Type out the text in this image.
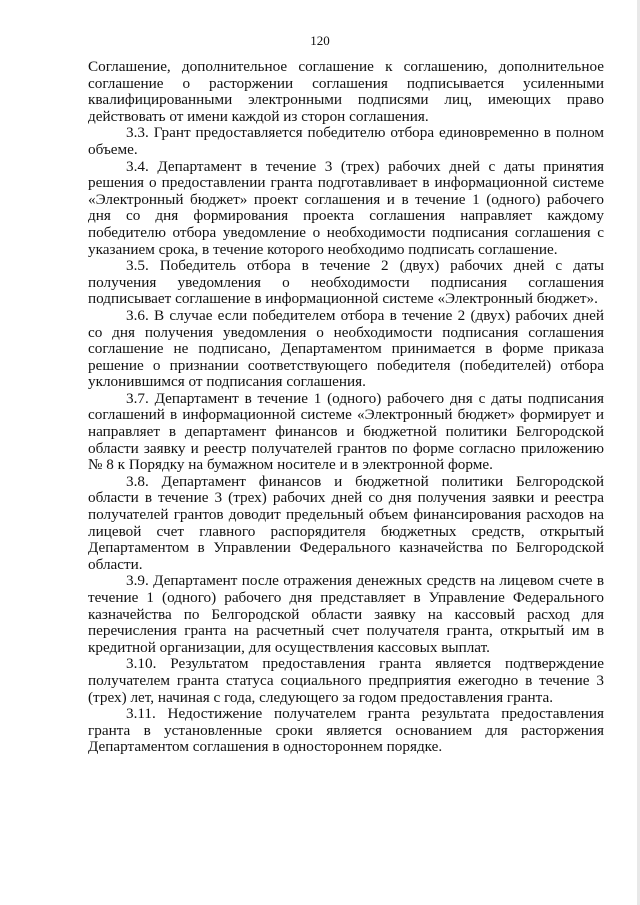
120

Соглашение, дополнительное соглашение к соглашению, дополнительное соглашение о расторжении соглашения подписывается усиленными квалифицированными электронными подписями лиц, имеющих право действовать от имени каждой из сторон соглашения.

3.3. Грант предоставляется победителю отбора единовременно в полном объеме.

3.4. Департамент в течение 3 (трех) рабочих дней с даты принятия решения о предоставлении гранта подготавливает в информационной системе «Электронный бюджет» проект соглашения и в течение 1 (одного) рабочего дня со дня формирования проекта соглашения направляет каждому победителю отбора уведомление о необходимости подписания соглашения с указанием срока, в течение которого необходимо подписать соглашение.

3.5. Победитель отбора в течение 2 (двух) рабочих дней с даты получения уведомления о необходимости подписания соглашения подписывает соглашение в информационной системе «Электронный бюджет».

3.6. В случае если победителем отбора в течение 2 (двух) рабочих дней со дня получения уведомления о необходимости подписания соглашения соглашение не подписано, Департаментом принимается в форме приказа решение о признании соответствующего победителя (победителей) отбора уклонившимся от подписания соглашения.

3.7. Департамент в течение 1 (одного) рабочего дня с даты подписания соглашений в информационной системе «Электронный бюджет» формирует и направляет в департамент финансов и бюджетной политики Белгородской области заявку и реестр получателей грантов по форме согласно приложению № 8 к Порядку на бумажном носителе и в электронной форме.

3.8. Департамент финансов и бюджетной политики Белгородской области в течение 3 (трех) рабочих дней со дня получения заявки и реестра получателей грантов доводит предельный объем финансирования расходов на лицевой счет главного распорядителя бюджетных средств, открытый Департаментом в Управлении Федерального казначейства по Белгородской области.

3.9. Департамент после отражения денежных средств на лицевом счете в течение 1 (одного) рабочего дня представляет в Управление Федерального казначейства по Белгородской области заявку на кассовый расход для перечисления гранта на расчетный счет получателя гранта, открытый им в кредитной организации, для осуществления кассовых выплат.

3.10. Результатом предоставления гранта является подтверждение получателем гранта статуса социального предприятия ежегодно в течение 3 (трех) лет, начиная с года, следующего за годом предоставления гранта.

3.11. Недостижение получателем гранта результата предоставления гранта в установленные сроки является основанием для расторжения Департаментом соглашения в одностороннем порядке.
